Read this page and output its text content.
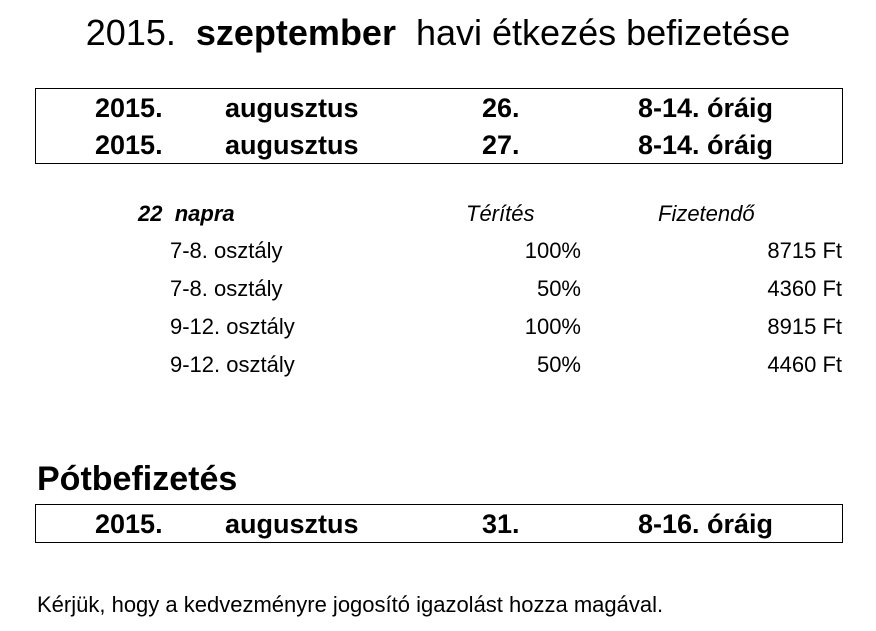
2015. szeptember havi étkezés befizetése
2015. augusztus	26.	8-14. óráig
2015. augusztus	27.	8-14. óráig
22 napra	Térítés	Fizetendő
7-8. osztály	100%	8715 Ft
7-8. osztály	50%	4360 Ft
9-12. osztály	100%	8915 Ft
9-12. osztály	50%	4460 Ft
Pótbefizetés
2015. augusztus	31.	8-16. óráig
Kérjük, hogy a kedvezményre jogosító igazolást hozza magával.
